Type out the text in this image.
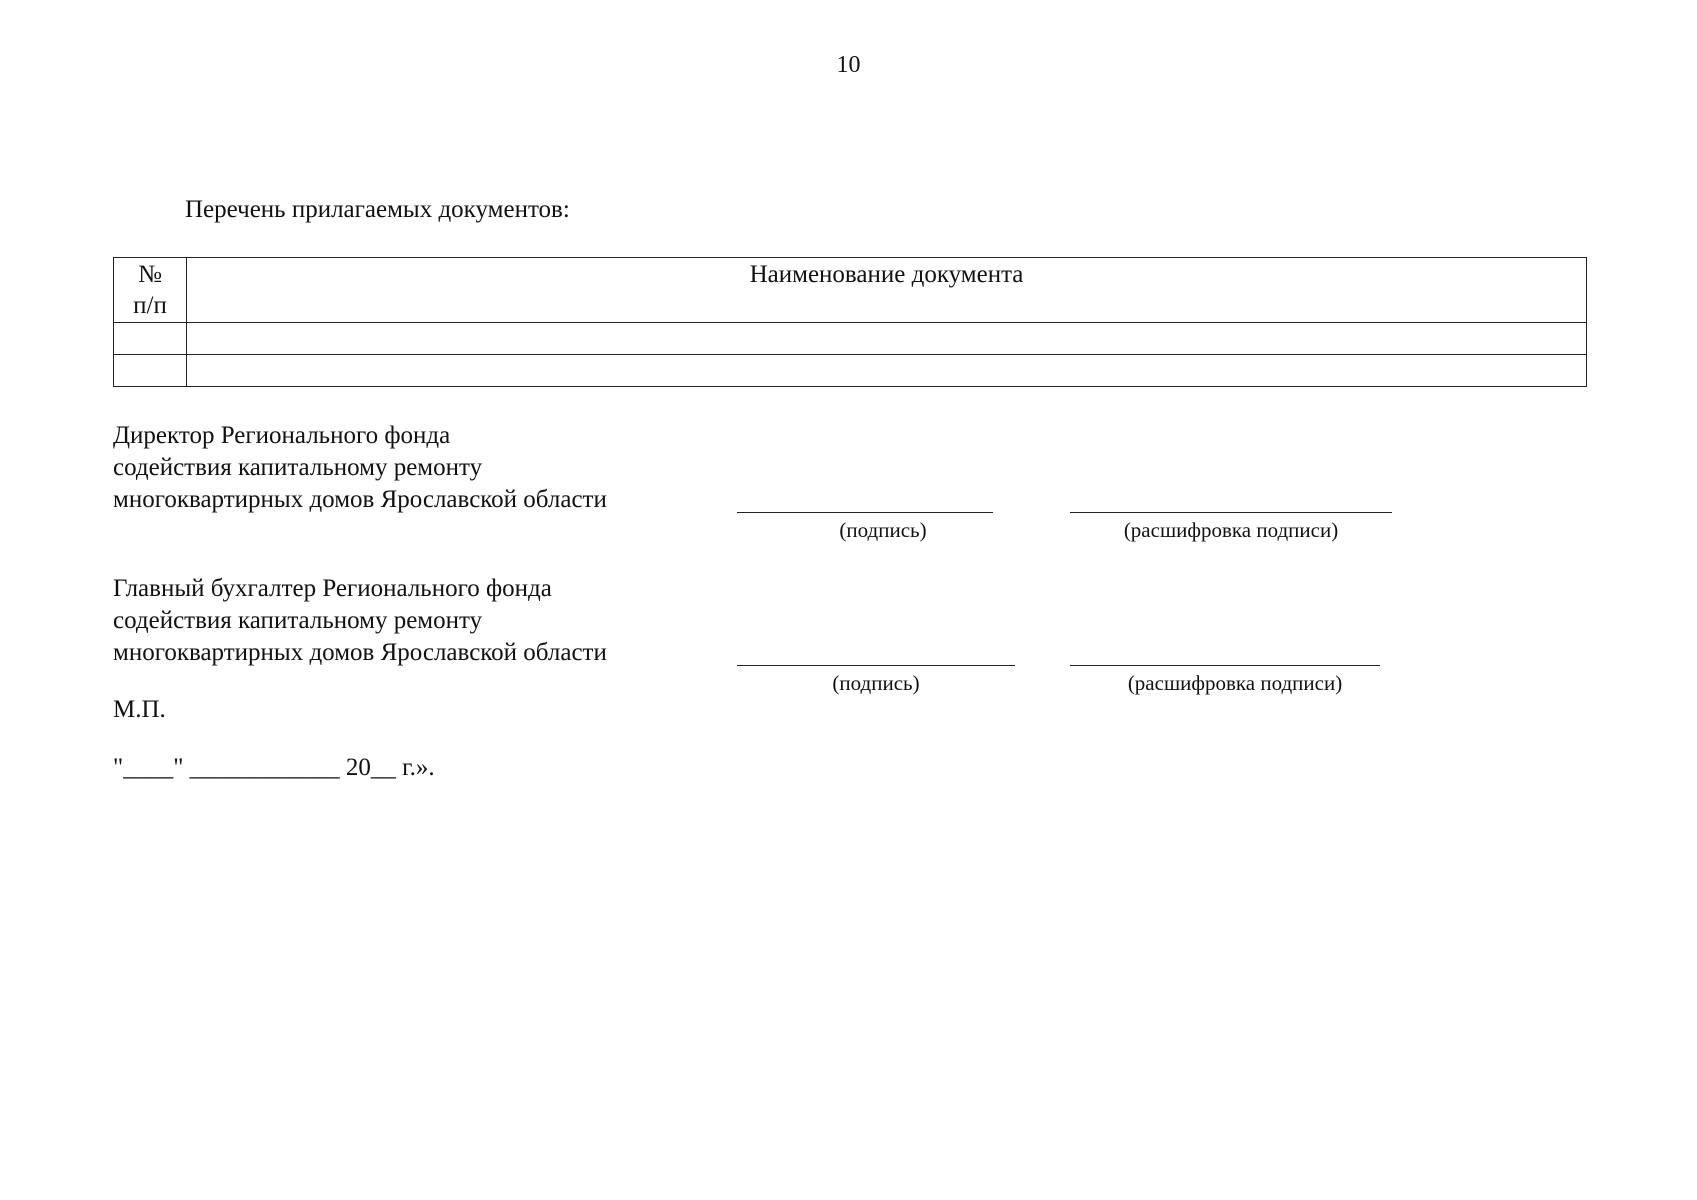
10
Перечень прилагаемых документов:
№
п/п	Наименование документа

Директор Регионального фонда
содействия капитальному ремонту
многоквартирных домов Ярославской области
(подпись)	(расшифровка подписи)
Главный бухгалтер Регионального фонда
содействия капитальному ремонту
многоквартирных домов Ярославской области
(подпись)	(расшифровка подписи)
М.П.
"____" ____________ 20__ г.».
